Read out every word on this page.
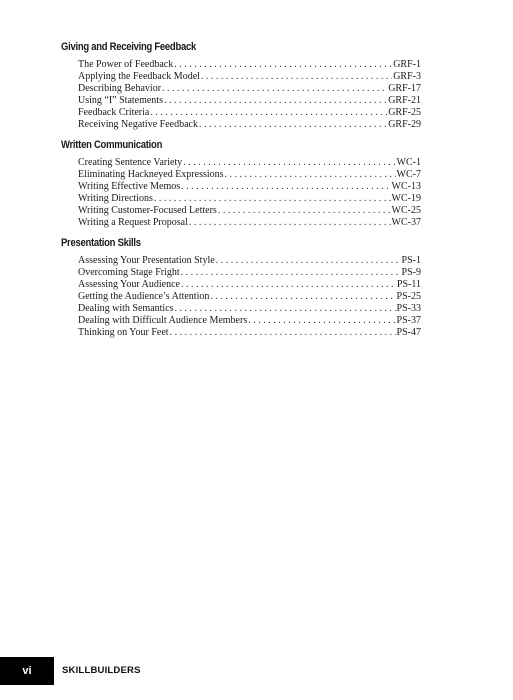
Giving and Receiving Feedback
The Power of Feedback . . .	GRF-1
Applying the Feedback Model . . .	GRF-3
Describing Behavior . . .	GRF-17
Using “I” Statements . . .	GRF-21
Feedback Criteria . . .	GRF-25
Receiving Negative Feedback . . .	GRF-29
Written Communication
Creating Sentence Variety . . .	WC-1
Eliminating Hackneyed Expressions . . .	WC-7
Writing Effective Memos . . .	WC-13
Writing Directions . . .	WC-19
Writing Customer-Focused Letters . . .	WC-25
Writing a Request Proposal . . .	WC-37
Presentation Skills
Assessing Your Presentation Style . . .	PS-1
Overcoming Stage Fright . . .	PS-9
Assessing Your Audience . . .	PS-11
Getting the Audience’s Attention . . .	PS-25
Dealing with Semantics . . .	PS-33
Dealing with Difficult Audience Members . . .	PS-37
Thinking on Your Feet . . .	PS-47
vi	SKILLBUILDERS
